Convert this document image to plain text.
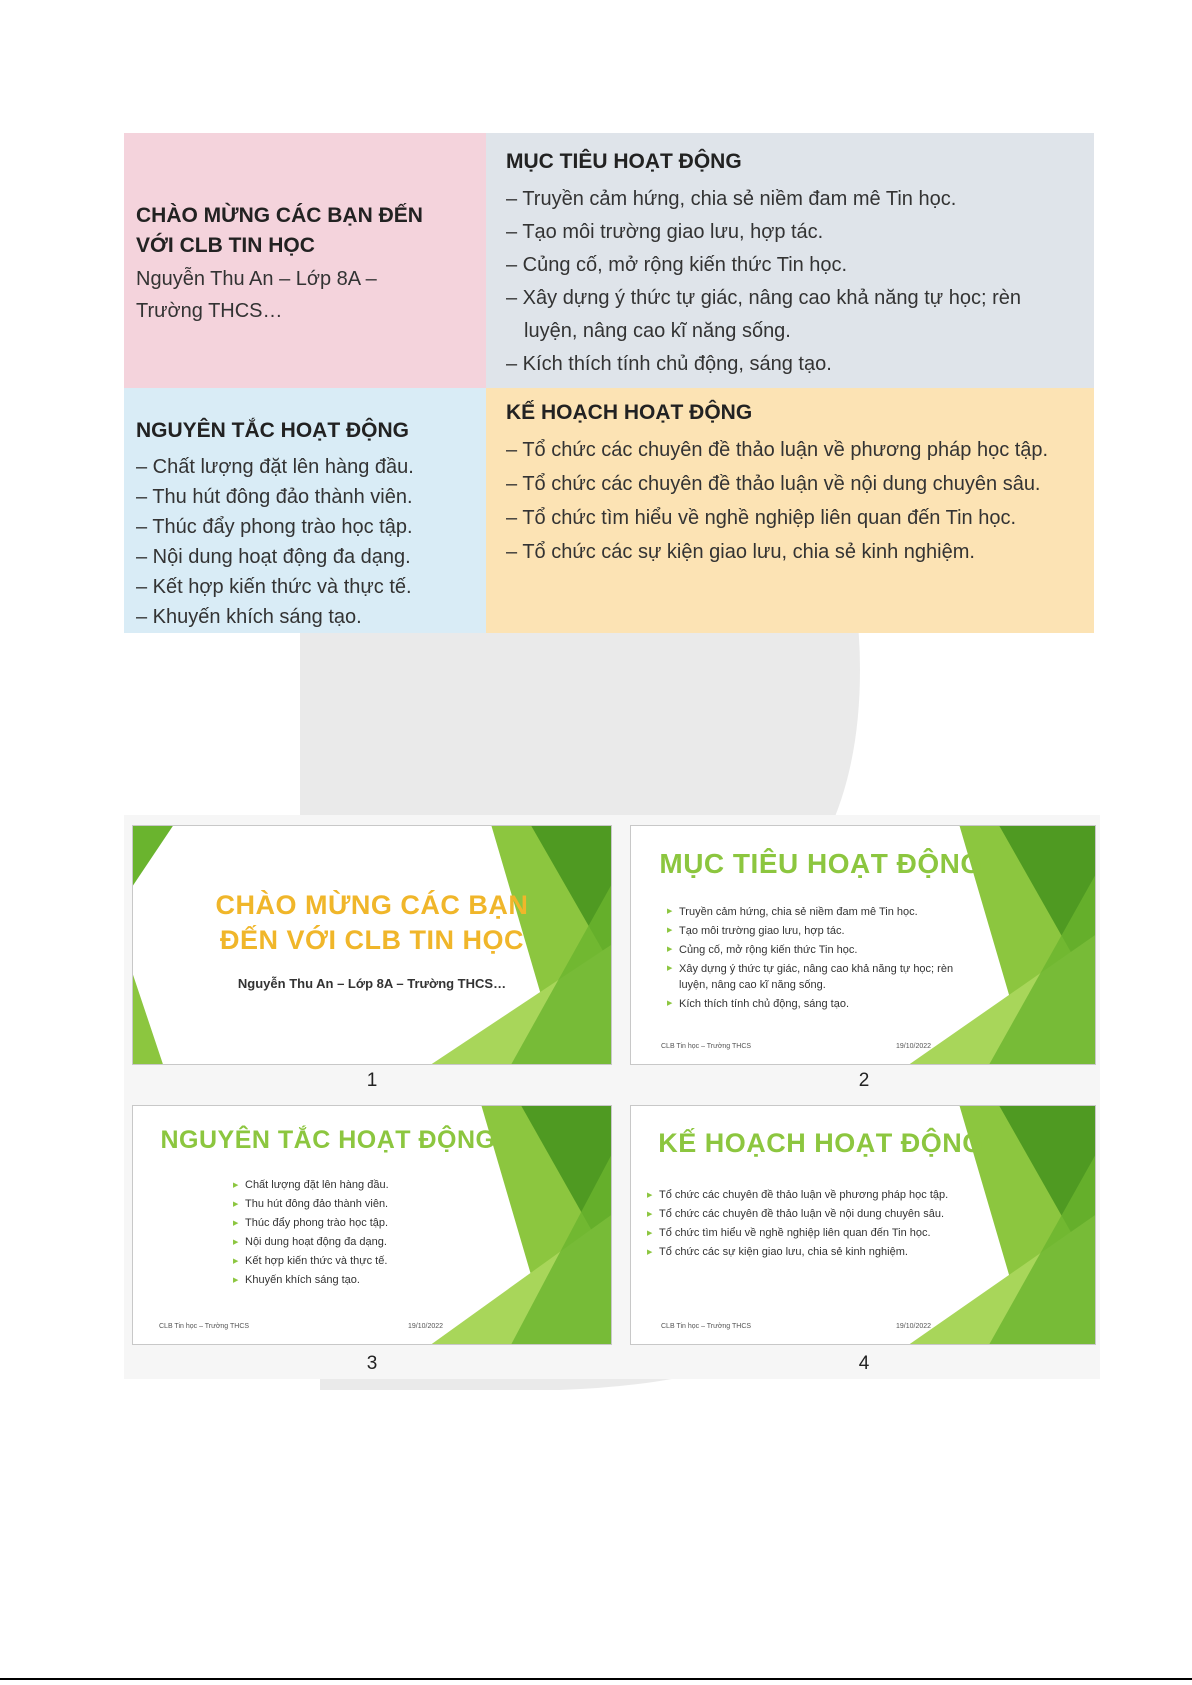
CHÀO MỪNG CÁC BẠN ĐẾN
VỚI CLB TIN HỌC
Nguyễn Thu An – Lớp 8A –
Trường THCS…
MỤC TIÊU HOẠT ĐỘNG
– Truyền cảm hứng, chia sẻ niềm đam mê Tin học.
– Tạo môi trường giao lưu, hợp tác.
– Củng cố, mở rộng kiến thức Tin học.
– Xây dựng ý thức tự giác, nâng cao khả năng tự học; rèn luyện, nâng cao kĩ năng sống.
– Kích thích tính chủ động, sáng tạo.
NGUYÊN TẮC HOẠT ĐỘNG
– Chất lượng đặt lên hàng đầu.
– Thu hút đông đảo thành viên.
– Thúc đẩy phong trào học tập.
– Nội dung hoạt động đa dạng.
– Kết hợp kiến thức và thực tế.
– Khuyến khích sáng tạo.
KẾ HOẠCH HOẠT ĐỘNG
– Tổ chức các chuyên đề thảo luận về phương pháp học tập.
– Tổ chức các chuyên đề thảo luận về nội dung chuyên sâu.
– Tổ chức tìm hiểu về nghề nghiệp liên quan đến Tin học.
– Tổ chức các sự kiện giao lưu, chia sẻ kinh nghiệm.
CHÀO MỪNG CÁC BẠN
ĐẾN VỚI CLB TIN HỌC
Nguyễn Thu An – Lớp 8A – Trường THCS…
1
MỤC TIÊU HOẠT ĐỘNG
▶ Truyền cảm hứng, chia sẻ niềm đam mê Tin học.
▶ Tạo môi trường giao lưu, hợp tác.
▶ Củng cố, mở rộng kiến thức Tin học.
▶ Xây dựng ý thức tự giác, nâng cao khả năng tự học; rèn luyện, nâng cao kĩ năng sống.
▶ Kích thích tính chủ động, sáng tạo.
CLB Tin học – Trường THCS	19/10/2022
2
NGUYÊN TẮC HOẠT ĐỘNG
▶ Chất lượng đặt lên hàng đầu.
▶ Thu hút đông đảo thành viên.
▶ Thúc đẩy phong trào học tập.
▶ Nội dung hoạt động đa dạng.
▶ Kết hợp kiến thức và thực tế.
▶ Khuyến khích sáng tạo.
CLB Tin học – Trường THCS	19/10/2022
3
KẾ HOẠCH HOẠT ĐỘNG
▶ Tổ chức các chuyên đề thảo luận về phương pháp học tập.
▶ Tổ chức các chuyên đề thảo luận về nội dung chuyên sâu.
▶ Tổ chức tìm hiểu về nghề nghiệp liên quan đến Tin học.
▶ Tổ chức các sự kiện giao lưu, chia sẻ kinh nghiệm.
CLB Tin học – Trường THCS	19/10/2022
4
